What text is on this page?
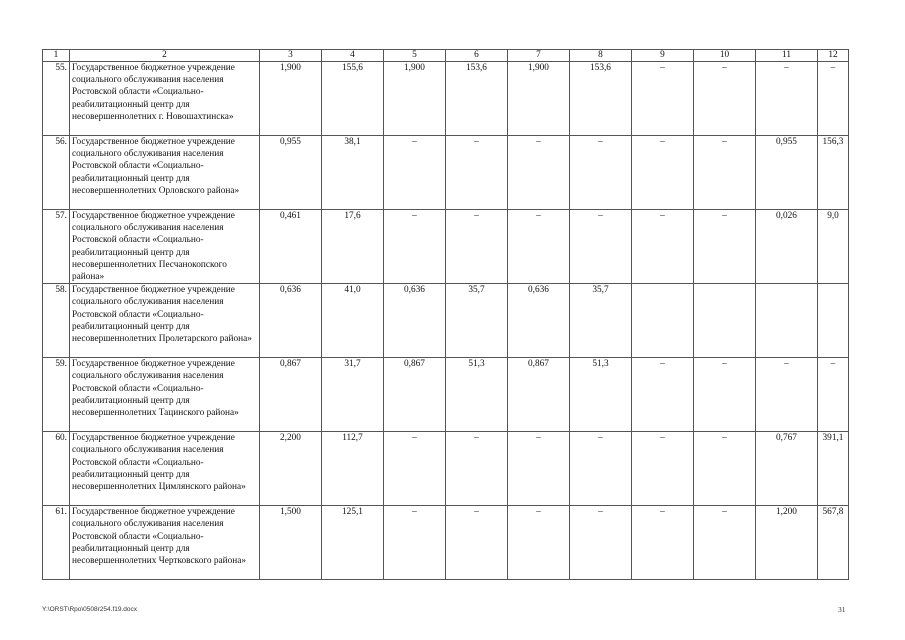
1	2	3	4	5	6	7	8	9	10	11	12
55.	Государственное бюджетное учреждение социального обслуживания населения Ростовской области «Социально-реабилитационный центр для несовершеннолетних г. Новошахтинска»	1,900	155,6	1,900	153,6	1,900	153,6	–	–	–	–
56.	Государственное бюджетное учреждение социального обслуживания населения Ростовской области «Социально-реабилитационный центр для несовершеннолетних Орловского района»	0,955	38,1	–	–	–	–	–	–	0,955	156,3
57.	Государственное бюджетное учреждение социального обслуживания населения Ростовской области «Социально-реабилитационный центр для несовершеннолетних Песчанокопского района»	0,461	17,6	–	–	–	–	–	–	0,026	9,0
58.	Государственное бюджетное учреждение социального обслуживания населения Ростовской области «Социально-реабилитационный центр для несовершеннолетних Пролетарского района»	0,636	41,0	0,636	35,7	0,636	35,7				
59.	Государственное бюджетное учреждение социального обслуживания населения Ростовской области «Социально-реабилитационный центр для несовершеннолетних Тацинского района»	0,867	31,7	0,867	51,3	0,867	51,3	–	–	–	–
60.	Государственное бюджетное учреждение социального обслуживания населения Ростовской области «Социально-реабилитационный центр для несовершеннолетних Цимлянского района»	2,200	112,7	–	–	–	–	–	–	0,767	391,1
61.	Государственное бюджетное учреждение социального обслуживания населения Ростовской области «Социально-реабилитационный центр для несовершеннолетних Чертковского района»	1,500	125,1	–	–	–	–	–	–	1,200	567,8
Y:\ORST\Rpo\0508r254.f19.docx	31
